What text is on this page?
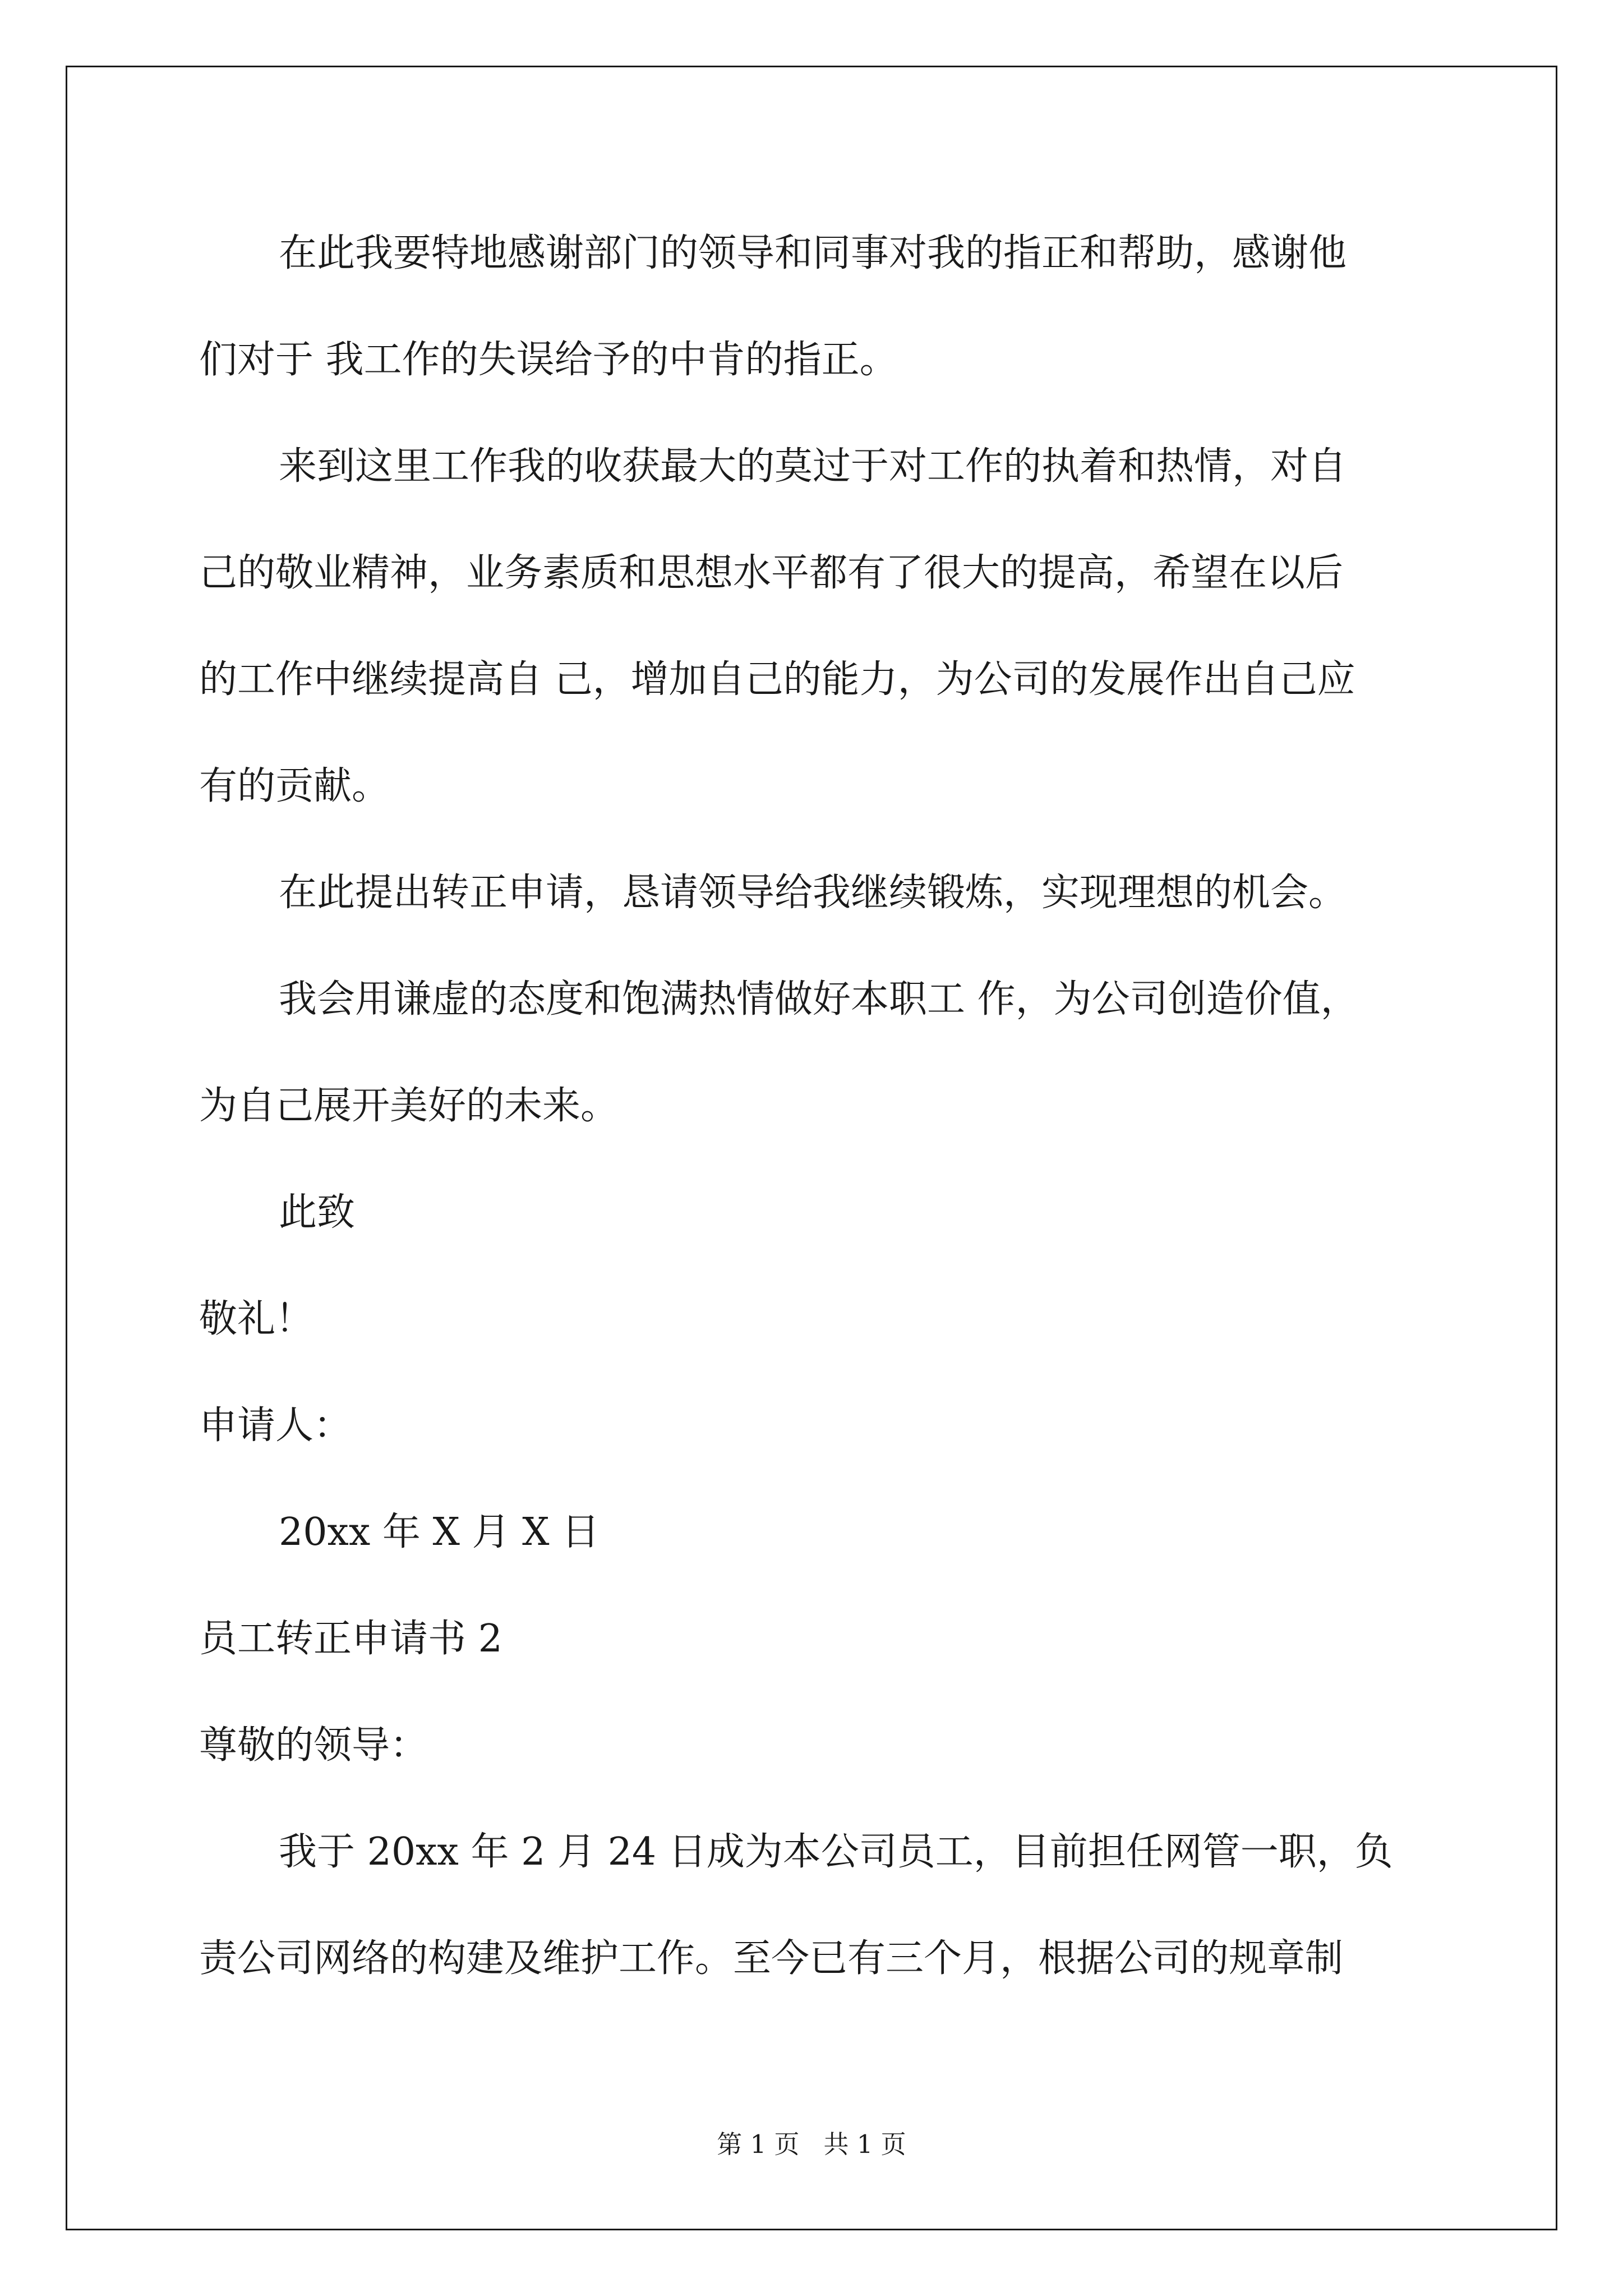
在此我要特地感谢部门的领导和同事对我的指正和帮助，感谢他
们对于 我工作的失误给予的中肯的指正。
来到这里工作我的收获最大的莫过于对工作的执着和热情，对自
己的敬业精神，业务素质和思想水平都有了很大的提高，希望在以后
的工作中继续提高自 己，增加自己的能力，为公司的发展作出自己应
有的贡献。
在此提出转正申请，恳请领导给我继续锻炼，实现理想的机会。
我会用谦虚的态度和饱满热情做好本职工 作，为公司创造价值，
为自己展开美好的未来。
此致
敬礼！
申请人：
20xx 年 X 月 X 日
员工转正申请书 2
尊敬的领导：
我于 20xx 年 2 月 24 日成为本公司员工，目前担任网管一职，负
责公司网络的构建及维护工作。至今已有三个月，根据公司的规章制
第 1 页   共 1 页
